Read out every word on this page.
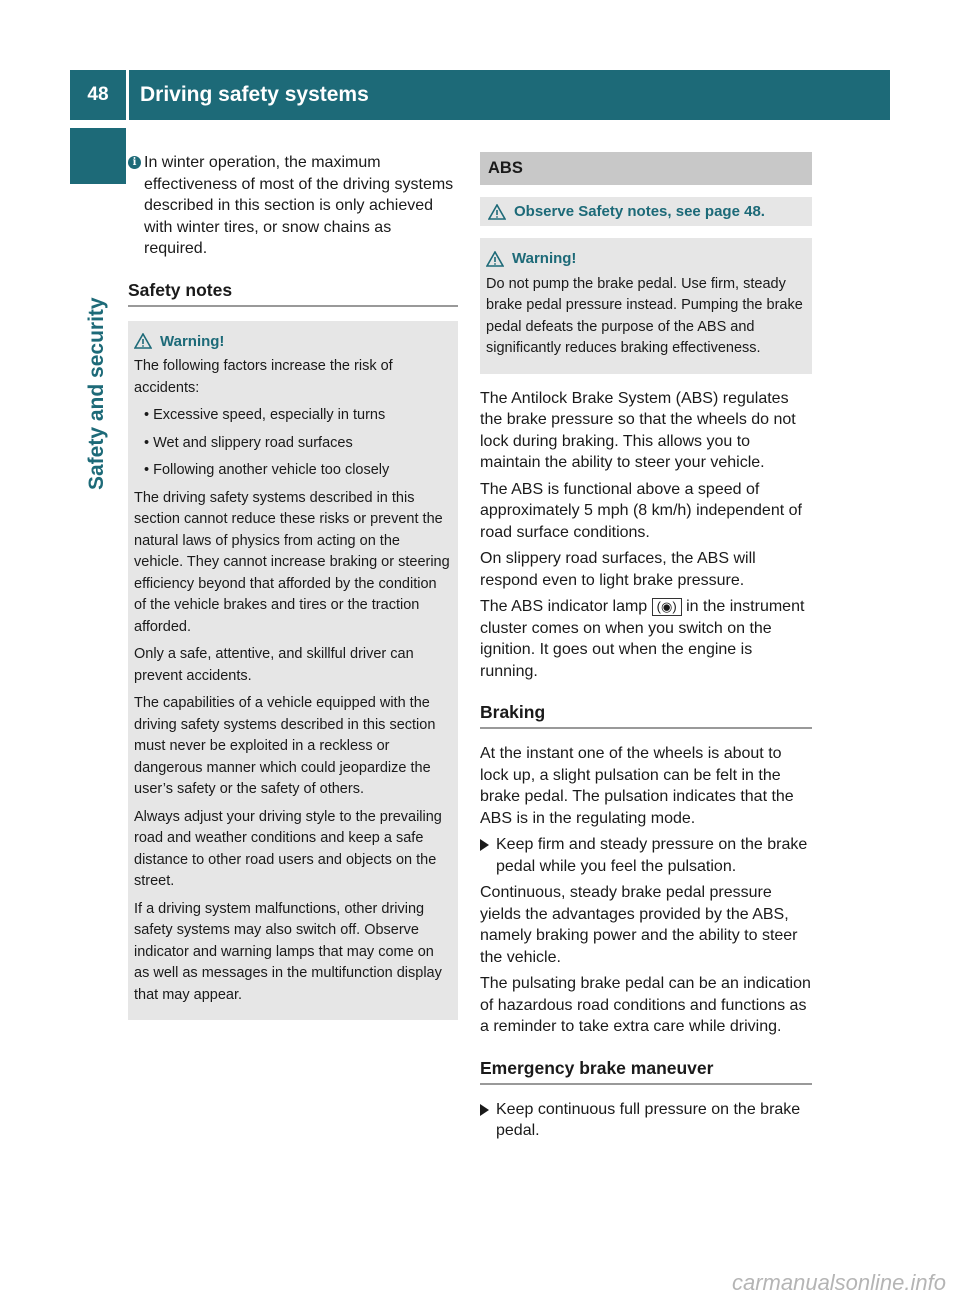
48	Driving safety systems
Safety and security
i In winter operation, the maximum effectiveness of most of the driving systems described in this section is only achieved with winter tires, or snow chains as required.
Safety notes
Warning!

The following factors increase the risk of accidents:

• Excessive speed, especially in turns

• Wet and slippery road surfaces

• Following another vehicle too closely

The driving safety systems described in this section cannot reduce these risks or prevent the natural laws of physics from acting on the vehicle. They cannot increase braking or steering efficiency beyond that afforded by the condition of the vehicle brakes and tires or the traction afforded.

Only a safe, attentive, and skillful driver can prevent accidents.

The capabilities of a vehicle equipped with the driving safety systems described in this section must never be exploited in a reckless or dangerous manner which could jeopardize the user’s safety or the safety of others.

Always adjust your driving style to the prevailing road and weather conditions and keep a safe distance to other road users and objects on the street.

If a driving system malfunctions, other driving safety systems may also switch off. Observe indicator and warning lamps that may come on as well as messages in the multifunction display that may appear.

ABS
Observe Safety notes, see page 48.
Warning!

Do not pump the brake pedal. Use firm, steady brake pedal pressure instead. Pumping the brake pedal defeats the purpose of the ABS and significantly reduces braking effectiveness.

The Antilock Brake System (ABS) regulates the brake pressure so that the wheels do not lock during braking. This allows you to maintain the ability to steer your vehicle.

The ABS is functional above a speed of approximately 5 mph (8 km/h) independent of road surface conditions.

On slippery road surfaces, the ABS will respond even to light brake pressure.

The ABS indicator lamp (◉) in the instrument cluster comes on when you switch on the ignition. It goes out when the engine is running.

Braking

At the instant one of the wheels is about to lock up, a slight pulsation can be felt in the brake pedal. The pulsation indicates that the ABS is in the regulating mode.

Keep firm and steady pressure on the brake pedal while you feel the pulsation.

Continuous, steady brake pedal pressure yields the advantages provided by the ABS, namely braking power and the ability to steer the vehicle.

The pulsating brake pedal can be an indication of hazardous road conditions and functions as a reminder to take extra care while driving.

Emergency brake maneuver
Keep continuous full pressure on the brake pedal.
carmanualsonline.info
